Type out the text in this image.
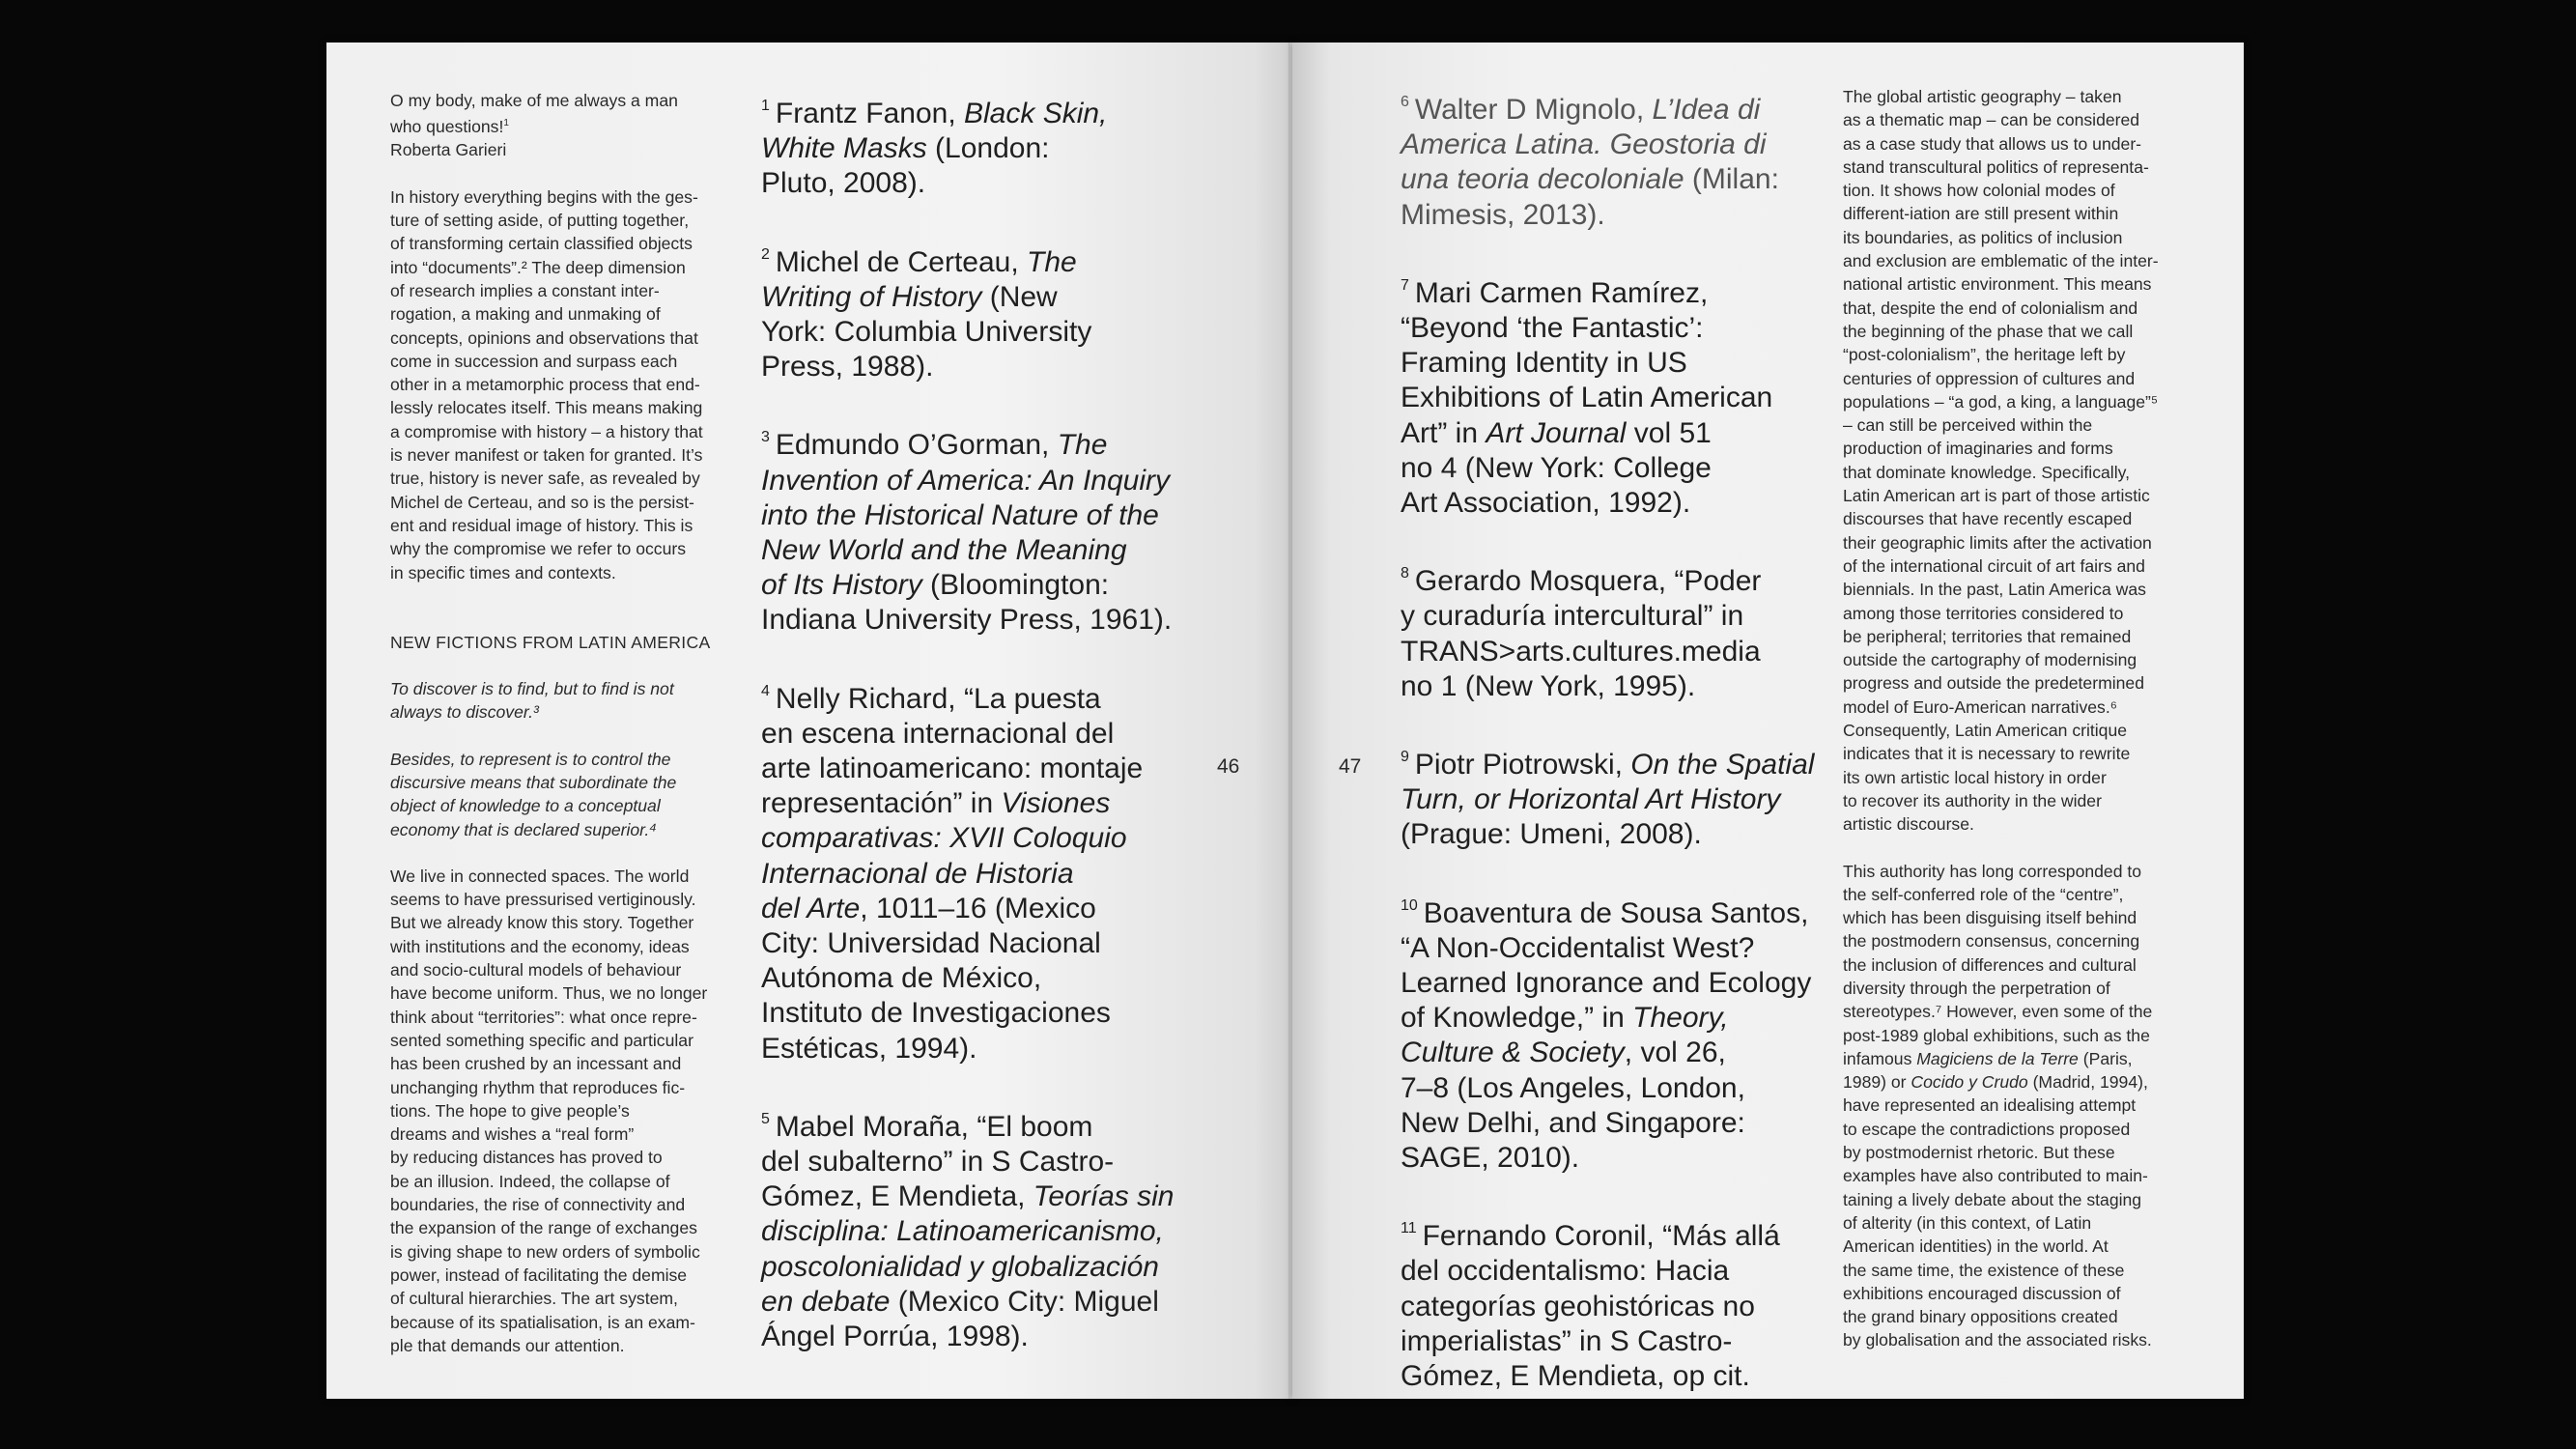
O my body, make of me always a man
who questions!$^1$

Roberta Garieri

In history everything begins with the ges-
ture of setting aside, of putting together,
of transforming certain classified objects
into “documents”.² The deep dimension
of research implies a constant inter-
rogation, a making and unmaking of
concepts, opinions and observations that
come in succession and surpass each
other in a metamorphic process that end-
lessly relocates itself. This means making
a compromise with history – a history that
is never manifest or taken for granted. It’s
true, history is never safe, as revealed by
Michel de Certeau, and so is the persist-
ent and residual image of history. This is
why the compromise we refer to occurs
in specific times and contexts.

NEW FICTIONS FROM LATIN AMERICA

To discover is to find, but to find is not
always to discover.³

Besides, to represent is to control the
discursive means that subordinate the
object of knowledge to a conceptual
economy that is declared superior.⁴

We live in connected spaces. The world
seems to have pressurised vertiginously.
But we already know this story. Together
with institutions and the economy, ideas
and socio-cultural models of behaviour
have become uniform. Thus, we no longer
think about “territories”: what once repre-
sented something specific and particular
has been crushed by an incessant and
unchanging rhythm that reproduces fic-
tions. The hope to give people’s
dreams and wishes a “real form”
by reducing distances has proved to
be an illusion. Indeed, the collapse of
boundaries, the rise of connectivity and
the expansion of the range of exchanges
is giving shape to new orders of symbolic
power, instead of facilitating the demise
of cultural hierarchies. The art system,
because of its spatialisation, is an exam-
ple that demands our attention.

$^1$ Frantz Fanon, Black Skin,
White Masks (London:
Pluto, 2008).

$^2$ Michel de Certeau, The
Writing of History (New
York: Columbia University
Press, 1988).

$^3$ Edmundo O’Gorman, The
Invention of America: An Inquiry
into the Historical Nature of the
New World and the Meaning
of Its History (Bloomington:
Indiana University Press, 1961).

$^4$ Nelly Richard, “La puesta
en escena internacional del
arte latinoamericano: montaje
representación” in Visiones
comparativas: XVII Coloquio
Internacional de Historia
del Arte, 1011–16 (Mexico
City: Universidad Nacional
Autónoma de México,
Instituto de Investigaciones
Estéticas, 1994).

$^5$ Mabel Moraña, “El boom
del subalterno” in S Castro-
Gómez, E Mendieta, Teorías sin
disciplina: Latinoamericanismo,
poscolonialidad y globalización
en debate (Mexico City: Miguel
Ángel Porrúa, 1998).

46	47

$^6$ Walter D Mignolo, L’Idea di
America Latina. Geostoria di
una teoria decoloniale (Milan:
Mimesis, 2013).

$^7$ Mari Carmen Ramírez,
“Beyond ‘the Fantastic’:
Framing Identity in US
Exhibitions of Latin American
Art” in Art Journal vol 51
no 4 (New York: College
Art Association, 1992).

$^8$ Gerardo Mosquera, “Poder
y curaduría intercultural” in
TRANS>arts.cultures.media
no 1 (New York, 1995).

$^9$ Piotr Piotrowski, On the Spatial
Turn, or Horizontal Art History
(Prague: Umeni, 2008).

$^{10}$ Boaventura de Sousa Santos,
“A Non-Occidentalist West?
Learned Ignorance and Ecology
of Knowledge,” in Theory,
Culture & Society, vol 26,
7–8 (Los Angeles, London,
New Delhi, and Singapore:
SAGE, 2010).

$^{11}$ Fernando Coronil, “Más allá
del occidentalismo: Hacia
categorías geohistóricas no
imperialistas” in S Castro-
Gómez, E Mendieta, op cit.

The global artistic geography – taken
as a thematic map – can be considered
as a case study that allows us to under-
stand transcultural politics of representa-
tion. It shows how colonial modes of
different-iation are still present within
its boundaries, as politics of inclusion
and exclusion are emblematic of the inter-
national artistic environment. This means
that, despite the end of colonialism and
the beginning of the phase that we call
“post-colonialism”, the heritage left by
centuries of oppression of cultures and
populations – “a god, a king, a language”⁵
– can still be perceived within the
production of imaginaries and forms
that dominate knowledge. Specifically,
Latin American art is part of those artistic
discourses that have recently escaped
their geographic limits after the activation
of the international circuit of art fairs and
biennials. In the past, Latin America was
among those territories considered to
be peripheral; territories that remained
outside the cartography of modernising
progress and outside the predetermined
model of Euro-American narratives.⁶
Consequently, Latin American critique
indicates that it is necessary to rewrite
its own artistic local history in order
to recover its authority in the wider
artistic discourse.

This authority has long corresponded to
the self-conferred role of the “centre”,
which has been disguising itself behind
the postmodern consensus, concerning
the inclusion of differences and cultural
diversity through the perpetration of
stereotypes.⁷ However, even some of the
post-1989 global exhibitions, such as the
infamous Magiciens de la Terre (Paris,
1989) or Cocido y Crudo (Madrid, 1994),
have represented an idealising attempt
to escape the contradictions proposed
by postmodernist rhetoric. But these
examples have also contributed to main-
taining a lively debate about the staging
of alterity (in this context, of Latin
American identities) in the world. At
the same time, the existence of these
exhibitions encouraged discussion of
the grand binary oppositions created
by globalisation and the associated risks.
